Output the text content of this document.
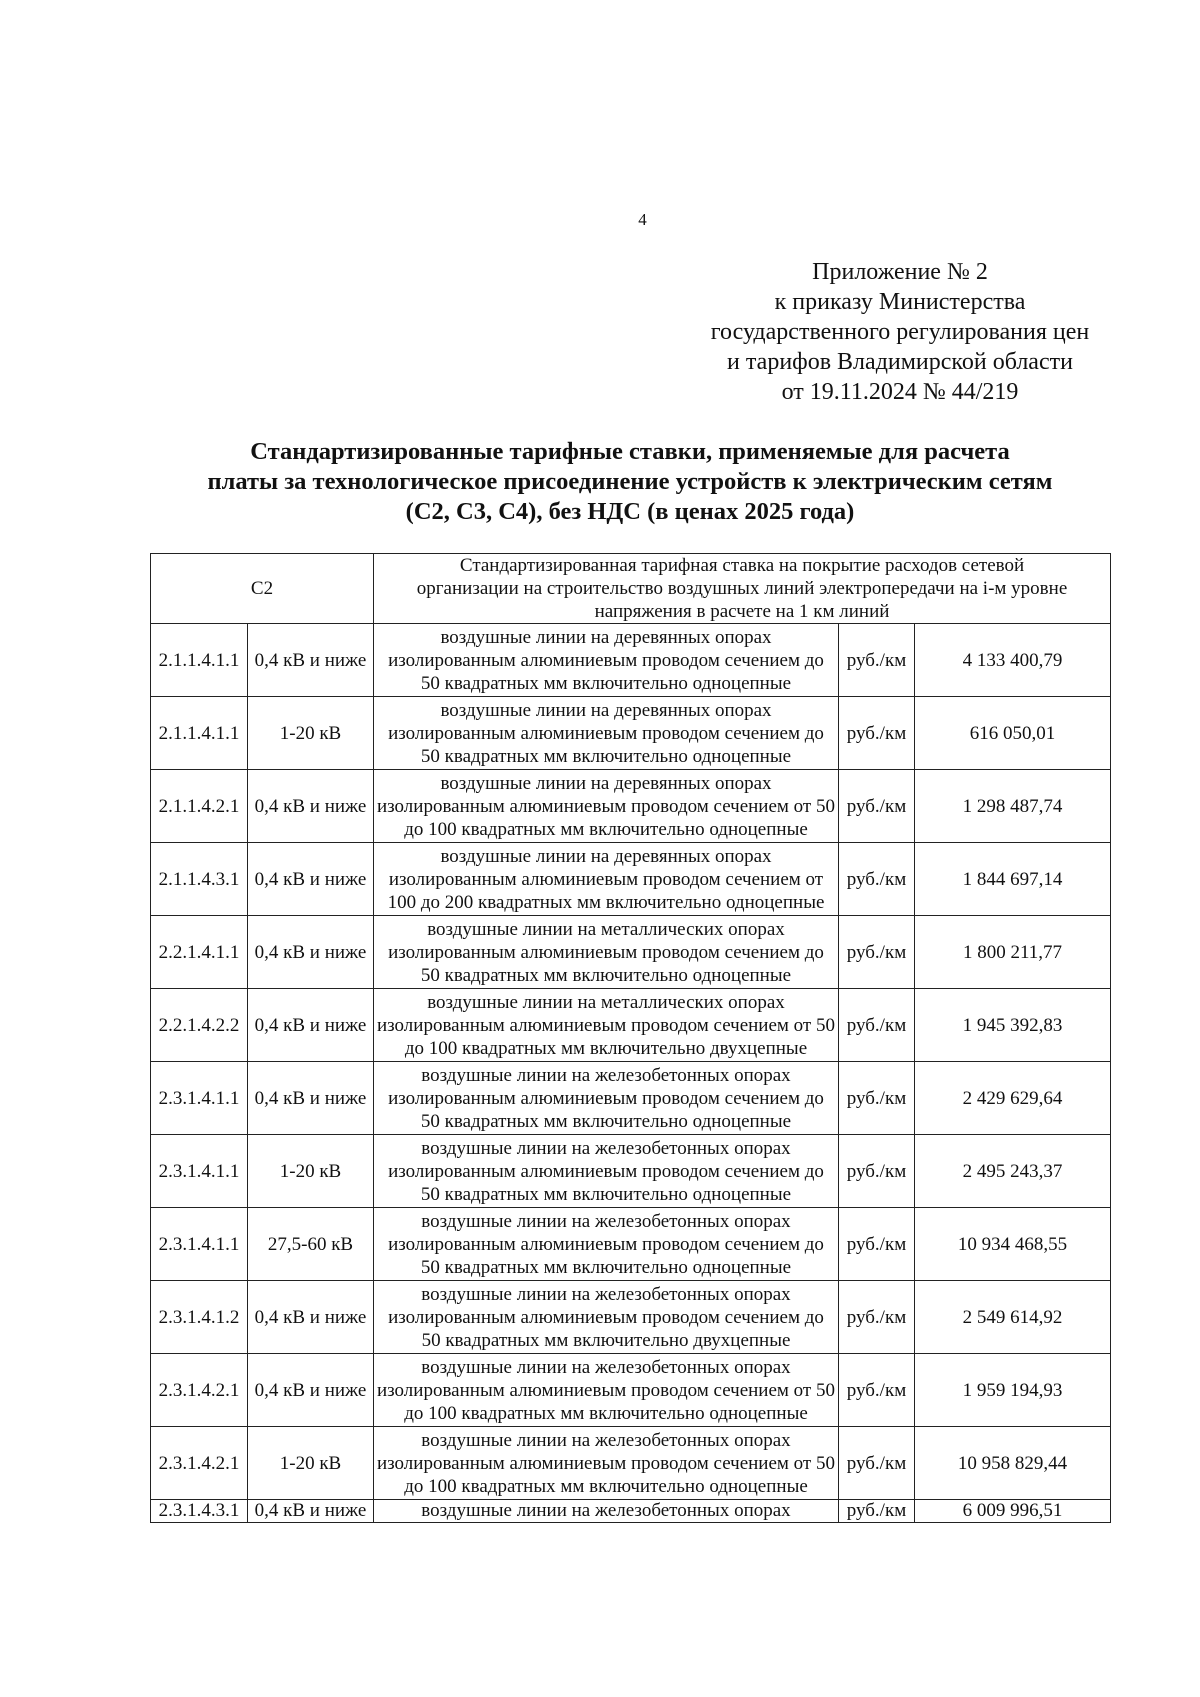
4
Приложение № 2
к приказу Министерства
государственного регулирования цен
и тарифов Владимирской области
от 19.11.2024 № 44/219
Стандартизированные тарифные ставки, применяемые для расчета
платы за технологическое присоединение устройств к электрическим сетям
(С2, С3, С4), без НДС (в ценах 2025 года)
С2		Стандартизированная тарифная ставка на покрытие расходов сетевой
организации на строительство воздушных линий электропередачи на i-м уровне
напряжения в расчете на 1 км линий		

2.1.1.4.1.1	0,4 кВ и ниже	воздушные линии на деревянных опорах
изолированным алюминиевым проводом сечением до
50 квадратных мм включительно одноцепные	руб./км	4 133 400,79
2.1.1.4.1.1	1-20 кВ	воздушные линии на деревянных опорах
изолированным алюминиевым проводом сечением до
50 квадратных мм включительно одноцепные	руб./км	616 050,01
2.1.1.4.2.1	0,4 кВ и ниже	воздушные линии на деревянных опорах
изолированным алюминиевым проводом сечением от 50
до 100 квадратных мм включительно одноцепные	руб./км	1 298 487,74
2.1.1.4.3.1	0,4 кВ и ниже	воздушные линии на деревянных опорах
изолированным алюминиевым проводом сечением от
100 до 200 квадратных мм включительно одноцепные	руб./км	1 844 697,14
2.2.1.4.1.1	0,4 кВ и ниже	воздушные линии на металлических опорах
изолированным алюминиевым проводом сечением до
50 квадратных мм включительно одноцепные	руб./км	1 800 211,77
2.2.1.4.2.2	0,4 кВ и ниже	воздушные линии на металлических опорах
изолированным алюминиевым проводом сечением от 50
до 100 квадратных мм включительно двухцепные	руб./км	1 945 392,83
2.3.1.4.1.1	0,4 кВ и ниже	воздушные линии на железобетонных опорах
изолированным алюминиевым проводом сечением до
50 квадратных мм включительно одноцепные	руб./км	2 429 629,64
2.3.1.4.1.1	1-20 кВ	воздушные линии на железобетонных опорах
изолированным алюминиевым проводом сечением до
50 квадратных мм включительно одноцепные	руб./км	2 495 243,37
2.3.1.4.1.1	27,5-60 кВ	воздушные линии на железобетонных опорах
изолированным алюминиевым проводом сечением до
50 квадратных мм включительно одноцепные	руб./км	10 934 468,55
2.3.1.4.1.2	0,4 кВ и ниже	воздушные линии на железобетонных опорах
изолированным алюминиевым проводом сечением до
50 квадратных мм включительно двухцепные	руб./км	2 549 614,92
2.3.1.4.2.1	0,4 кВ и ниже	воздушные линии на железобетонных опорах
изолированным алюминиевым проводом сечением от 50
до 100 квадратных мм включительно одноцепные	руб./км	1 959 194,93
2.3.1.4.2.1	1-20 кВ	воздушные линии на железобетонных опорах
изолированным алюминиевым проводом сечением от 50
до 100 квадратных мм включительно одноцепные	руб./км	10 958 829,44
2.3.1.4.3.1	0,4 кВ и ниже	воздушные линии на железобетонных опорах	руб./км	6 009 996,51
